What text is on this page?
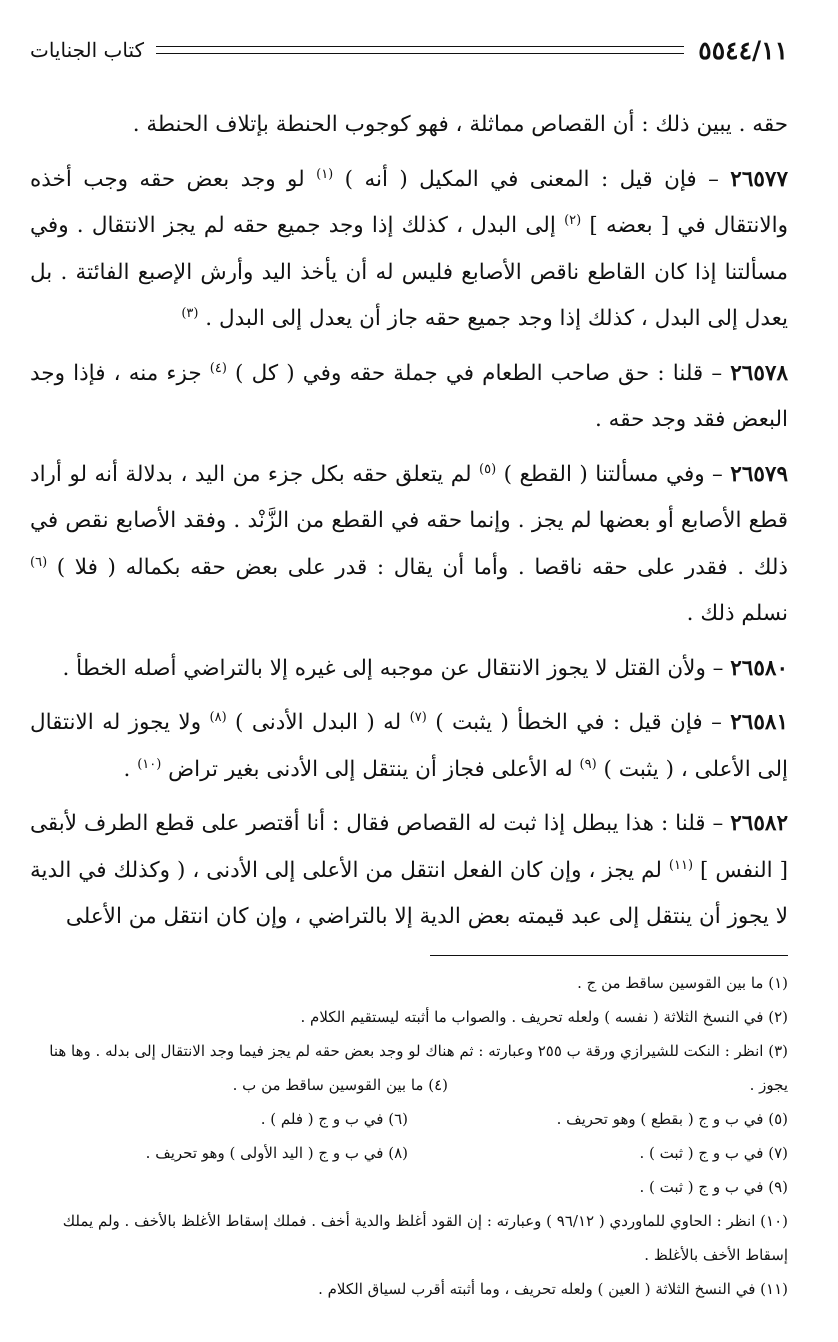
٥٥٤٤/١١
كتاب الجنايات

حقه . يبين ذلك : أن القصاص مماثلة ، فهو كوجوب الحنطة بإتلاف الحنطة .

٢٦٥٧٧ – فإن قيل : المعنى في المكيل ( أنه ) $^{(١)}$ لو وجد بعض حقه وجب أخذه والانتقال في [ بعضه ] $^{(٢)}$ إلى البدل ، كذلك إذا وجد جميع حقه لم يجز الانتقال . وفي مسألتنا إذا كان القاطع ناقص الأصابع فليس له أن يأخذ اليد وأرش الإصبع الفائتة . بل يعدل إلى البدل ، كذلك إذا وجد جميع حقه جاز أن يعدل إلى البدل . $^{(٣)}$

٢٦٥٧٨ – قلنا : حق صاحب الطعام في جملة حقه وفي ( كل ) $^{(٤)}$ جزء منه ، فإذا وجد البعض فقد وجد حقه .

٢٦٥٧٩ – وفي مسألتنا ( القطع ) $^{(٥)}$ لم يتعلق حقه بكل جزء من اليد ، بدلالة أنه لو أراد قطع الأصابع أو بعضها لم يجز . وإنما حقه في القطع من الزَّنْد . وفقد الأصابع نقص في ذلك . فقدر على حقه ناقصا . وأما أن يقال : قدر على بعض حقه بكماله ( فلا ) $^{(٦)}$ نسلم ذلك .

٢٦٥٨٠ – ولأن القتل لا يجوز الانتقال عن موجبه إلى غيره إلا بالتراضي أصله الخطأ .

٢٦٥٨١ – فإن قيل : في الخطأ ( يثبت ) $^{(٧)}$ له ( البدل الأدنى ) $^{(٨)}$ ولا يجوز له الانتقال إلى الأعلى ، ( يثبت ) $^{(٩)}$ له الأعلى فجاز أن ينتقل إلى الأدنى بغير تراض $^{(١٠)}$ .

٢٦٥٨٢ – قلنا : هذا يبطل إذا ثبت له القصاص فقال : أنا أقتصر على قطع الطرف لأبقى [ النفس ] $^{(١١)}$ لم يجز ، وإن كان الفعل انتقل من الأعلى إلى الأدنى ، ( وكذلك في الدية لا يجوز أن ينتقل إلى عبد قيمته بعض الدية إلا بالتراضي ، وإن كان انتقل من الأعلى

(١) ما بين القوسين ساقط من ج .

(٢) في النسخ الثلاثة ( نفسه ) ولعله تحريف . والصواب ما أثبته ليستقيم الكلام .

(٣) انظر : النكت للشيرازي ورقة ب ٢٥٥ وعبارته : ثم هناك لو وجد بعض حقه لم يجز فيما وجد الانتقال إلى بدله . وها هنا يجوز .

(٤) ما بين القوسين ساقط من ب .

(٥) في ب و ج ( بقطع ) وهو تحريف .

(٦) في ب و ج ( فلم ) .

(٧) في ب و ج ( ثبت ) .

(٨) في ب و ج ( اليد الأولى ) وهو تحريف .

(٩) في ب و ج ( ثبت ) .

(١٠) انظر : الحاوي للماوردي ( ٩٦/١٢ ) وعبارته : إن القود أغلظ والدية أخف . فملك إسقاط الأغلظ بالأخف . ولم يملك إسقاط الأخف بالأغلظ .

(١١) في النسخ الثلاثة ( العين ) ولعله تحريف ، وما أثبته أقرب لسياق الكلام .
